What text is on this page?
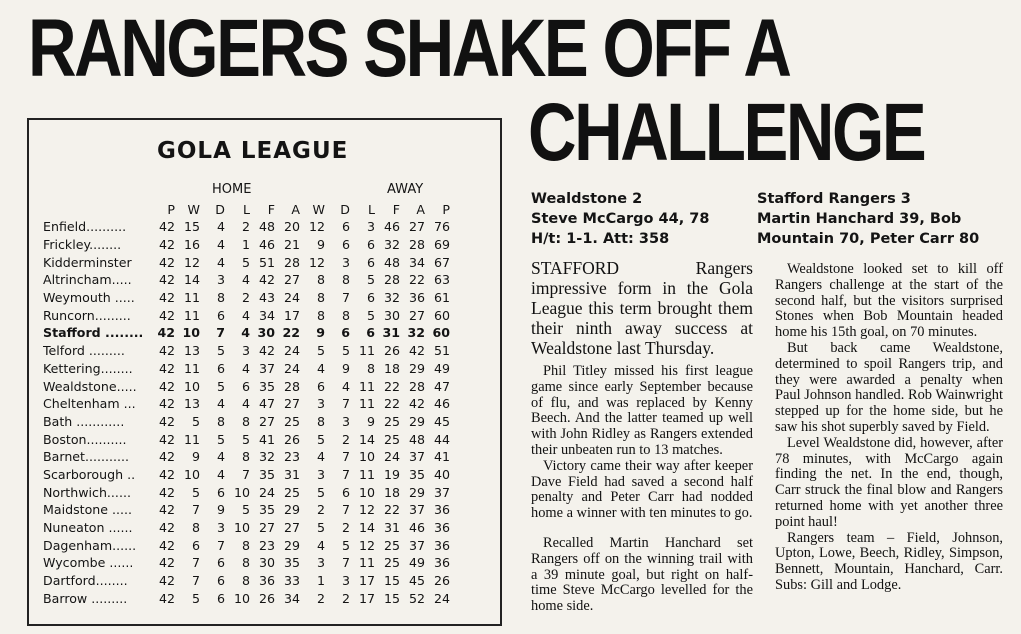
RANGERS SHAKE OFF A
CHALLENGE
GOLA LEAGUE
HOME	AWAY
	P	W	D	L	F	A	W	D	L	F	A	P
Enfield..........	42	15	4	2	48	20	12	6	3	46	27	76
Frickley........	42	16	4	1	46	21	9	6	6	32	28	69
Kidderminster	42	12	4	5	51	28	12	3	6	48	34	67
Altrincham.....	42	14	3	4	42	27	8	8	5	28	22	63
Weymouth .....	42	11	8	2	43	24	8	7	6	32	36	61
Runcorn.........	42	11	6	4	34	17	8	8	5	30	27	60
Stafford ........	42	10	7	4	30	22	9	6	6	31	32	60
Telford .........	42	13	5	3	42	24	5	5	11	26	42	51
Kettering........	42	11	6	4	37	24	4	9	8	18	29	49
Wealdstone.....	42	10	5	6	35	28	6	4	11	22	28	47
Cheltenham ...	42	13	4	4	47	27	3	7	11	22	42	46
Bath ............	42	5	8	8	27	25	8	3	9	25	29	45
Boston..........	42	11	5	5	41	26	5	2	14	25	48	44
Barnet...........	42	9	4	8	32	23	4	7	10	24	37	41
Scarborough ..	42	10	4	7	35	31	3	7	11	19	35	40
Northwich......	42	5	6	10	24	25	5	6	10	18	29	37
Maidstone .....	42	7	9	5	35	29	2	7	12	22	37	36
Nuneaton ......	42	8	3	10	27	27	5	2	14	31	46	36
Dagenham......	42	6	7	8	23	29	4	5	12	25	37	36
Wycombe ......	42	7	6	8	30	35	3	7	11	25	49	36
Dartford........	42	7	6	8	36	33	1	3	17	15	45	26
Barrow .........	42	5	6	10	26	34	2	2	17	15	52	24
Wealdstone 2
Steve McCargo 44, 78
H/t: 1-1. Att: 358
Stafford Rangers 3
Martin Hanchard 39, Bob
Mountain 70, Peter Carr 80

STAFFORD Rangers impressive form in the Gola League this term brought them their ninth away success at Wealdstone last Thursday.

Phil Titley missed his first league game since early September because of flu, and was replaced by Kenny Beech. And the latter teamed up well with John Ridley as Rangers extended their unbeaten run to 13 matches.

Victory came their way after keeper Dave Field had saved a second half penalty and Peter Carr had nodded home a winner with ten minutes to go.

Recalled Martin Hanchard set Rangers off on the winning trail with a 39 minute goal, but right on half-time Steve McCargo levelled for the home side.

Wealdstone looked set to kill off Rangers challenge at the start of the second half, but the visitors surprised Stones when Bob Mountain headed home his 15th goal, on 70 minutes.

But back came Wealdstone, determined to spoil Rangers trip, and they were awarded a penalty when Paul Johnson handled. Rob Wainwright stepped up for the home side, but he saw his shot superbly saved by Field.

Level Wealdstone did, however, after 78 minutes, with McCargo again finding the net. In the end, though, Carr struck the final blow and Rangers returned home with yet another three point haul!

Rangers team – Field, Johnson, Upton, Lowe, Beech, Ridley, Simpson, Bennett, Mountain, Hanchard, Carr. Subs: Gill and Lodge.
